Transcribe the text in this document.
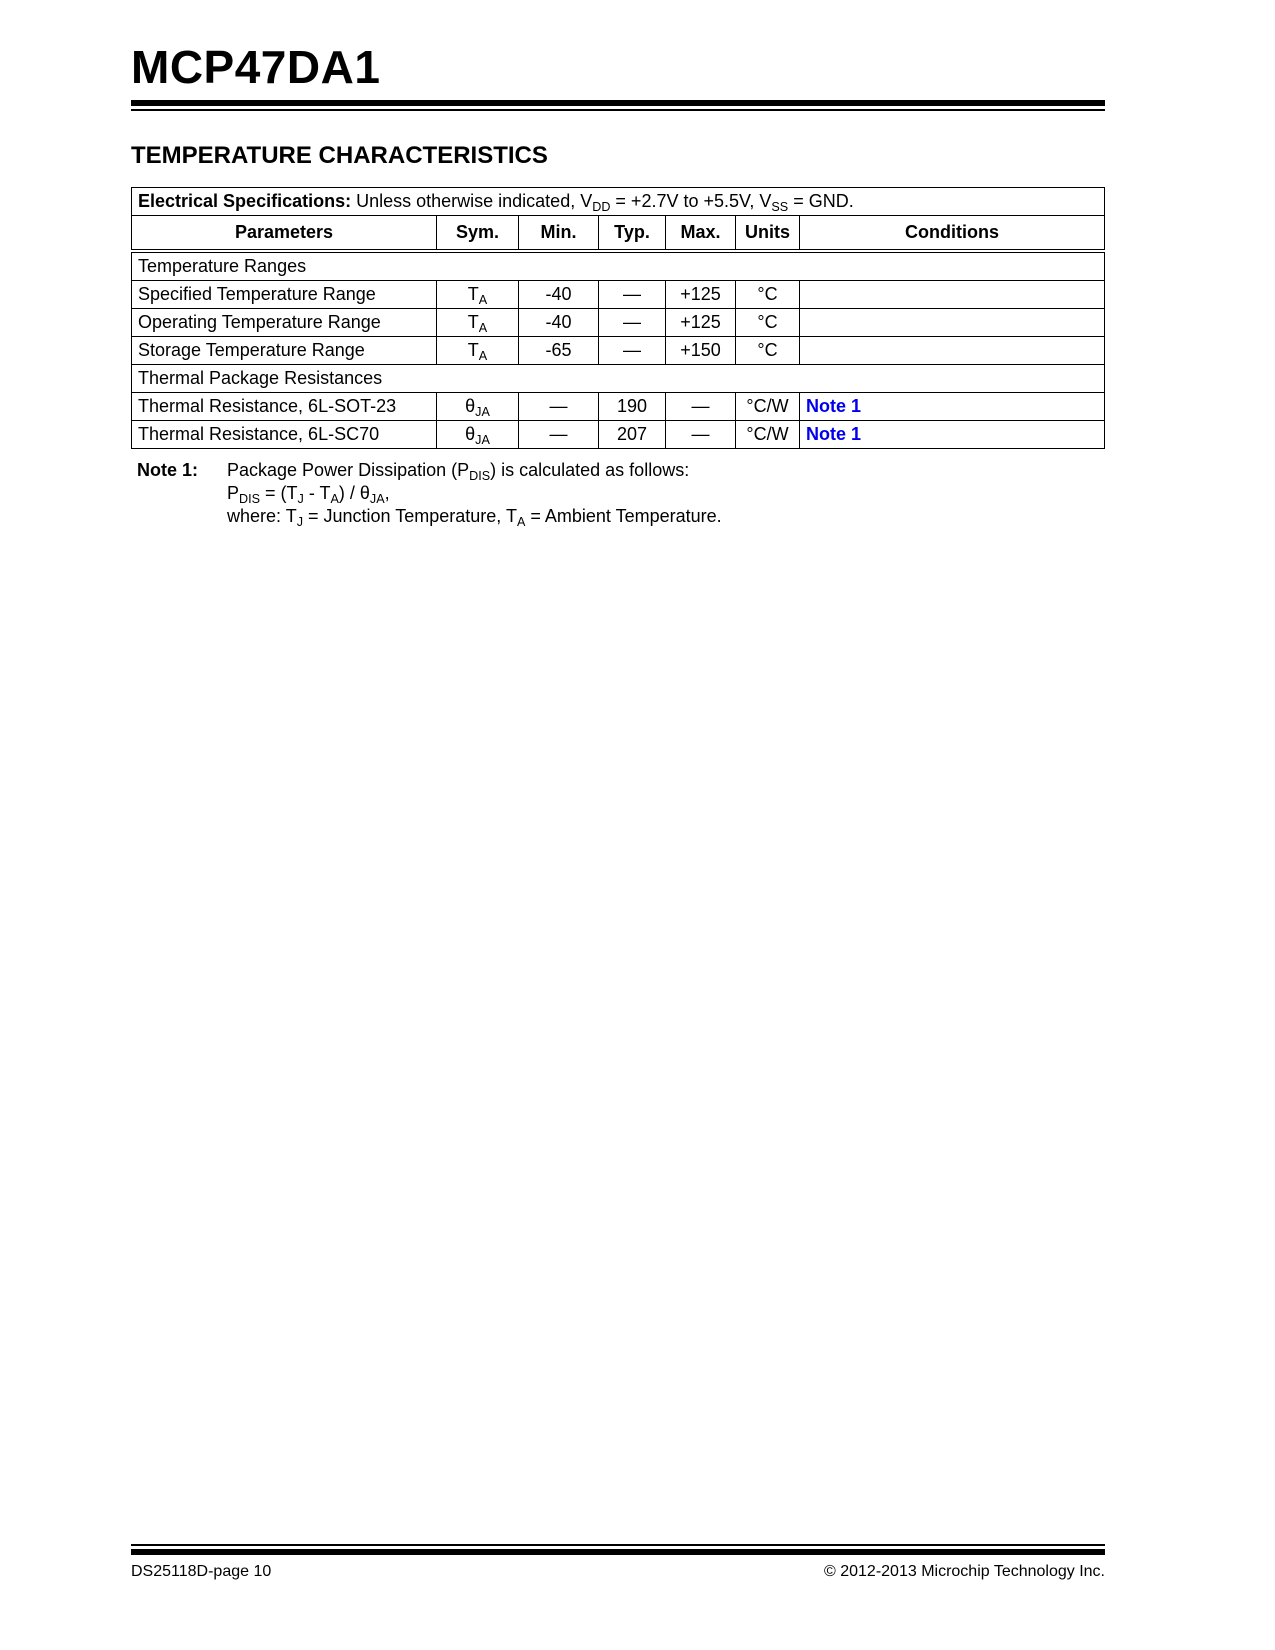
MCP47DA1
TEMPERATURE CHARACTERISTICS
Electrical Specifications: Unless otherwise indicated, $V_{DD} = +2.7V$ to +5.5V, $V_{SS}$ = GND.						
Parameters	Sym.	Min.	Typ.	Max.	Units	Conditions
Temperature Ranges						
Specified Temperature Range	$T_A$	-40	—	+125	°C	
Operating Temperature Range	$T_A$	-40	—	+125	°C	
Storage Temperature Range	$T_A$	-65	—	+150	°C	
Thermal Package Resistances						
Thermal Resistance, 6L-SOT-23	$\theta_{JA}$	—	190	—	°C/W	Note 1
Thermal Resistance, 6L-SC70	$\theta_{JA}$	—	207	—	°C/W	Note 1
Note 1:	Package Power Dissipation $(P_{DIS})$ is calculated as follows:
$P_{DIS} = (T_J - T_A) / \theta_{JA}$,
where: $T_J$ = Junction Temperature, $T_A$ = Ambient Temperature.
DS25118D-page 10	© 2012-2013 Microchip Technology Inc.
